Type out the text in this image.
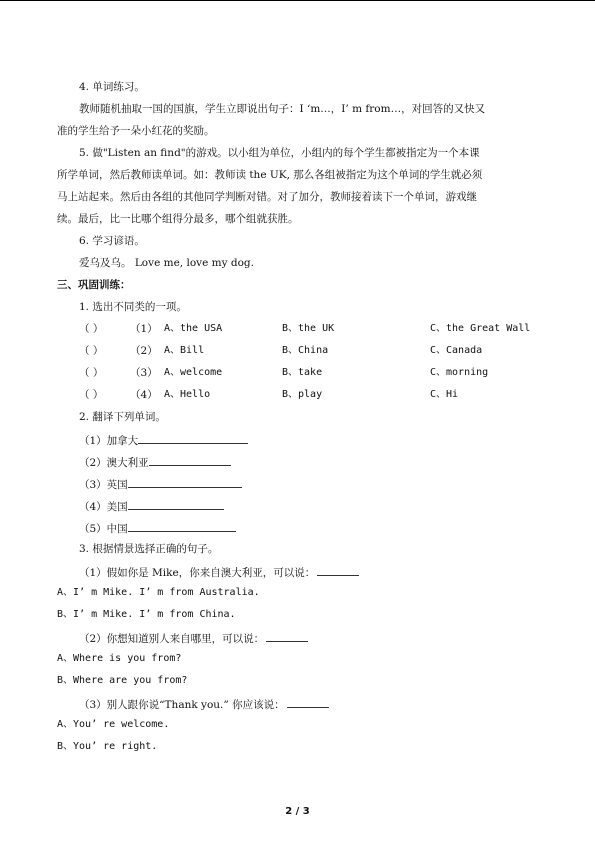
4. 单词练习。
教师随机抽取一国的国旗，学生立即说出句子：I ‘m…，I’ m from…，对回答的又快又
准的学生给予一朵小红花的奖励。
5. 做"Listen an find"的游戏。以小组为单位，小组内的每个学生都被指定为一个本课
所学单词，然后教师读单词。如：教师读 the UK, 那么各组被指定为这个单词的学生就必须
马上站起来。然后由各组的其他同学判断对错。对了加分，教师接着读下一个单词，游戏继
续。最后，比一比哪个组得分最多，哪个组就获胜。
6. 学习谚语。
爱乌及乌。 Love me, love my dog.
三、巩固训练：
1. 选出不同类的一项。
（ ）	（1） A、the USA	B、the UK	C、the Great Wall
（ ）	（2） A、Bill	B、China	C、Canada
（ ）	（3） A、welcome	B、take	C、morning
（ ）	（4） A、Hello	B、play	C、Hi
2. 翻译下列单词。
（1）加拿大
（2）澳大利亚
（3）英国
（4）美国
（5）中国
3. 根据情景选择正确的句子。
（1）假如你是 Mike，你来自澳大利亚，可以说：
A、I’ m Mike. I’ m from Australia.
B、I’ m Mike. I’ m from China.
（2）你想知道别人来自哪里，可以说：
A、Where is you from?
B、Where are you from?
（3）别人跟你说“Thank you.” 你应该说：
A、You’ re welcome.
B、You’ re right.
2 / 3
